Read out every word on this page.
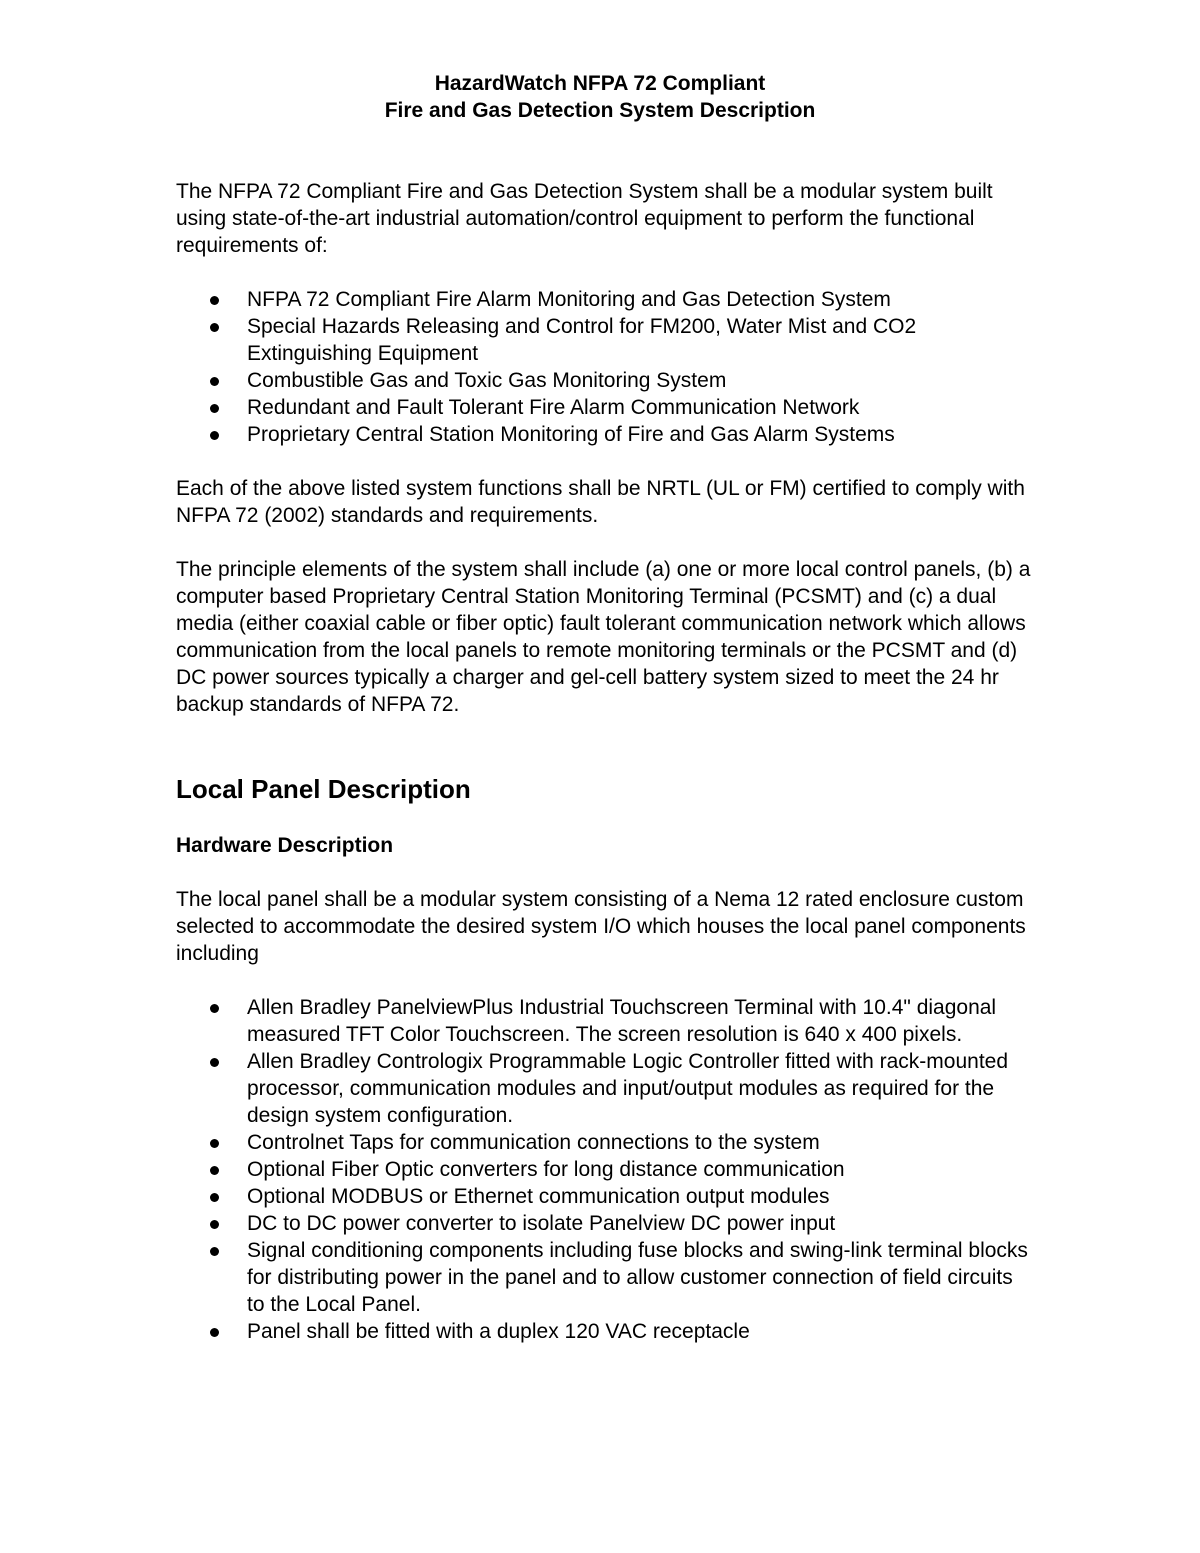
HazardWatch NFPA 72 Compliant
Fire and Gas Detection System Description

The NFPA 72 Compliant Fire and Gas Detection System shall be a modular system built using state-of-the-art industrial automation/control equipment to perform the functional requirements of:

NFPA 72 Compliant Fire Alarm Monitoring and Gas Detection System
Special Hazards Releasing and Control for FM200, Water Mist and CO2 Extinguishing Equipment
Combustible Gas and Toxic Gas Monitoring System
Redundant and Fault Tolerant Fire Alarm Communication Network
Proprietary Central Station Monitoring of Fire and Gas Alarm Systems

Each of the above listed system functions shall be NRTL (UL or FM) certified to comply with NFPA 72 (2002) standards and requirements.

The principle elements of the system shall include (a) one or more local control panels, (b) a computer based Proprietary Central Station Monitoring Terminal (PCSMT) and (c) a dual media (either coaxial cable or fiber optic) fault tolerant communication network which allows communication from the local panels to remote monitoring terminals or the PCSMT and (d) DC power sources typically a charger and gel-cell battery system sized to meet the 24 hr backup standards of NFPA 72.

Local Panel Description
Hardware Description

The local panel shall be a modular system consisting of a Nema 12 rated enclosure custom selected to accommodate the desired system I/O which houses the local panel components including

Allen Bradley PanelviewPlus Industrial Touchscreen Terminal with 10.4" diagonal measured TFT Color Touchscreen. The screen resolution is 640 x 400 pixels.
Allen Bradley Contrologix Programmable Logic Controller fitted with rack-mounted processor, communication modules and input/output modules as required for the design system configuration.
Controlnet Taps for communication connections to the system
Optional Fiber Optic converters for long distance communication
Optional MODBUS or Ethernet communication output modules
DC to DC power converter to isolate Panelview DC power input
Signal conditioning components including fuse blocks and swing-link terminal blocks for distributing power in the panel and to allow customer connection of field circuits to the Local Panel.
Panel shall be fitted with a duplex 120 VAC receptacle
